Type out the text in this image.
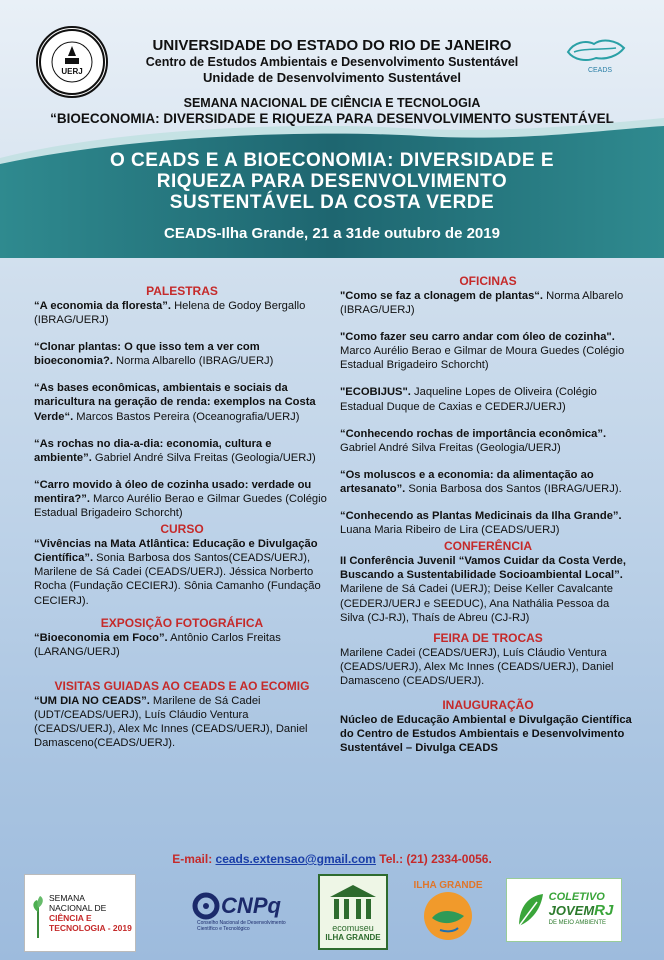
UERJ
UNIVERSIDADE DO ESTADO DO RIO DE JANEIRO
Centro de Estudos Ambientais e Desenvolvimento Sustentável
Unidade de Desenvolvimento Sustentável	CEADS
SEMANA NACIONAL DE CIÊNCIA E TECNOLOGIA
“BIOECONOMIA: DIVERSIDADE E RIQUEZA PARA DESENVOLVIMENTO SUSTENTÁVEL
O CEADS E A BIOECONOMIA: DIVERSIDADE E
RIQUEZA PARA DESENVOLVIMENTO
SUSTENTÁVEL DA COSTA VERDE
CEADS-Ilha Grande, 21 a 31de outubro de 2019
PALESTRAS
“A economia da floresta”. Helena de Godoy Bergallo (IBRAG/UERJ)
“Clonar plantas: O que isso tem a ver com bioeconomia?. Norma Albarello (IBRAG/UERJ)
“As bases econômicas, ambientais e sociais da maricultura na geração de renda: exemplos na Costa Verde“. Marcos Bastos Pereira (Oceanografia/UERJ)
“As rochas no dia-a-dia: economia, cultura e ambiente”. Gabriel André Silva Freitas (Geologia/UERJ)
“Carro movido à óleo de cozinha usado: verdade ou mentira?”. Marco Aurélio Berao e Gilmar Guedes (Colégio Estadual Brigadeiro Schorcht)
CURSO
“Vivências na Mata Atlântica: Educação e Divulgação Científica”. Sonia Barbosa dos Santos(CEADS/UERJ), Marilene de Sá Cadei (CEADS/UERJ). Jéssica Norberto Rocha (Fundação CECIERJ). Sônia Camanho (Fundação CECIERJ).
EXPOSIÇÃO FOTOGRÁFICA
“Bioeconomia em Foco”. Antônio Carlos Freitas (LARANG/UERJ)
VISITAS GUIADAS AO CEADS E AO ECOMIG
“UM DIA NO CEADS”. Marilene de Sá Cadei (UDT/CEADS/UERJ), Luís Cláudio Ventura (CEADS/UERJ), Alex Mc Innes (CEADS/UERJ), Daniel Damasceno(CEADS/UERJ).
OFICINAS
"Como se faz a clonagem de plantas“. Norma Albarelo (IBRAG/UERJ)
"Como fazer seu carro andar com óleo de cozinha". Marco Aurélio Berao e Gilmar de Moura Guedes (Colégio Estadual Brigadeiro Schorcht)
"ECOBIJUS". Jaqueline Lopes de Oliveira (Colégio Estadual Duque de Caxias e CEDERJ/UERJ)
“Conhecendo rochas de importância econômica”. Gabriel André Silva Freitas (Geologia/UERJ)
“Os moluscos e a economia: da alimentação ao artesanato”. Sonia Barbosa dos Santos (IBRAG/UERJ).
“Conhecendo as Plantas Medicinais da Ilha Grande”. Luana Maria Ribeiro de Lira (CEADS/UERJ)
CONFERÊNCIA
II Conferência Juvenil “Vamos Cuidar da Costa Verde, Buscando a Sustentabilidade Socioambiental Local”. Marilene de Sá Cadei (UERJ); Deise Keller Cavalcante (CEDERJ/UERJ e SEEDUC), Ana Nathália Pessoa da Silva (CJ-RJ), Thaís de Abreu (CJ-RJ)
FEIRA DE TROCAS
Marilene Cadei (CEADS/UERJ), Luís Cláudio Ventura (CEADS/UERJ), Alex Mc Innes (CEADS/UERJ), Daniel Damasceno (CEADS/UERJ).
INAUGURAÇÃO
Núcleo de Educação Ambiental e Divulgação Científica do Centro de Estudos Ambientais e Desenvolvimento Sustentável – Divulga CEADS
E-mail: ceads.extensao@gmail.com Tel.: (21) 2334-0056.
SEMANA
NACIONAL DE
CIÊNCIA E
TECNOLOGIA - 2019
CNPq
Conselho Nacional de Desenvolvimento Científico e Tecnológico	ecomuseu
ILHA GRANDE
ILHA GRANDE
COLETIVO
JOVEMRJ
DE MEIO AMBIENTE
